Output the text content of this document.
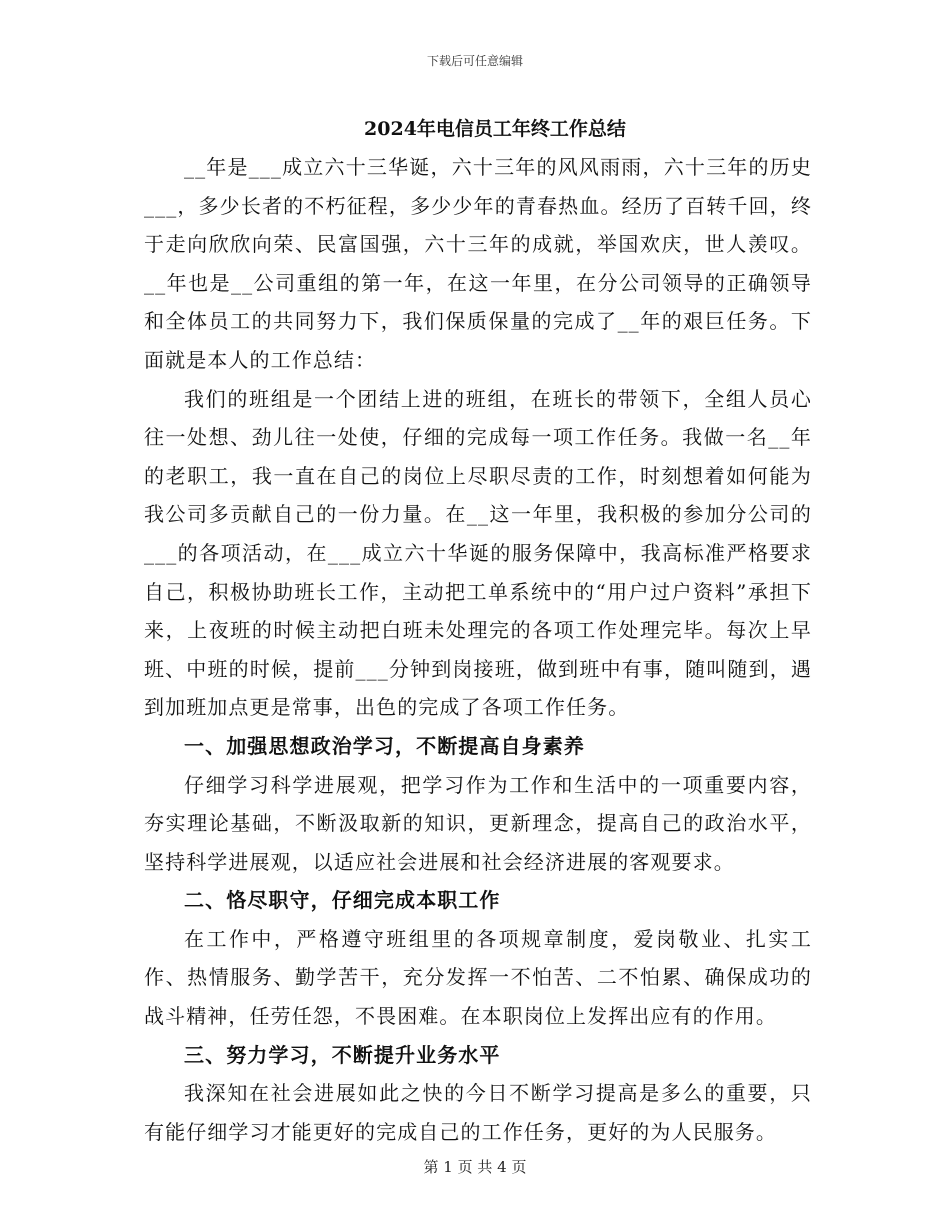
下载后可任意编辑
2024年电信员工年终工作总结

__年是___成立六十三华诞，六十三年的风风雨雨，六十三年的历史___，多少长者的不朽征程，多少少年的青春热血。经历了百转千回，终于走向欣欣向荣、民富国强，六十三年的成就，举国欢庆，世人羡叹。__年也是__公司重组的第一年，在这一年里，在分公司领导的正确领导和全体员工的共同努力下，我们保质保量的完成了__年的艰巨任务。下面就是本人的工作总结：

我们的班组是一个团结上进的班组，在班长的带领下，全组人员心往一处想、劲儿往一处使，仔细的完成每一项工作任务。我做一名__年的老职工，我一直在自己的岗位上尽职尽责的工作，时刻想着如何能为我公司多贡献自己的一份力量。在__这一年里，我积极的参加分公司的___的各项活动，在___成立六十华诞的服务保障中，我高标准严格要求自己，积极协助班长工作，主动把工单系统中的“用户过户资料”承担下来，上夜班的时候主动把白班未处理完的各项工作处理完毕。每次上早班、中班的时候，提前___分钟到岗接班，做到班中有事，随叫随到，遇到加班加点更是常事，出色的完成了各项工作任务。

一、加强思想政治学习，不断提高自身素养

仔细学习科学进展观，把学习作为工作和生活中的一项重要内容，夯实理论基础，不断汲取新的知识，更新理念，提高自己的政治水平，坚持科学进展观，以适应社会进展和社会经济进展的客观要求。

二、恪尽职守，仔细完成本职工作

在工作中，严格遵守班组里的各项规章制度，爱岗敬业、扎实工作、热情服务、勤学苦干，充分发挥一不怕苦、二不怕累、确保成功的战斗精神，任劳任怨，不畏困难。在本职岗位上发挥出应有的作用。

三、努力学习，不断提升业务水平

我深知在社会进展如此之快的今日不断学习提高是多么的重要，只有能仔细学习才能更好的完成自己的工作任务，更好的为人民服务。

第 1 页 共 4 页
